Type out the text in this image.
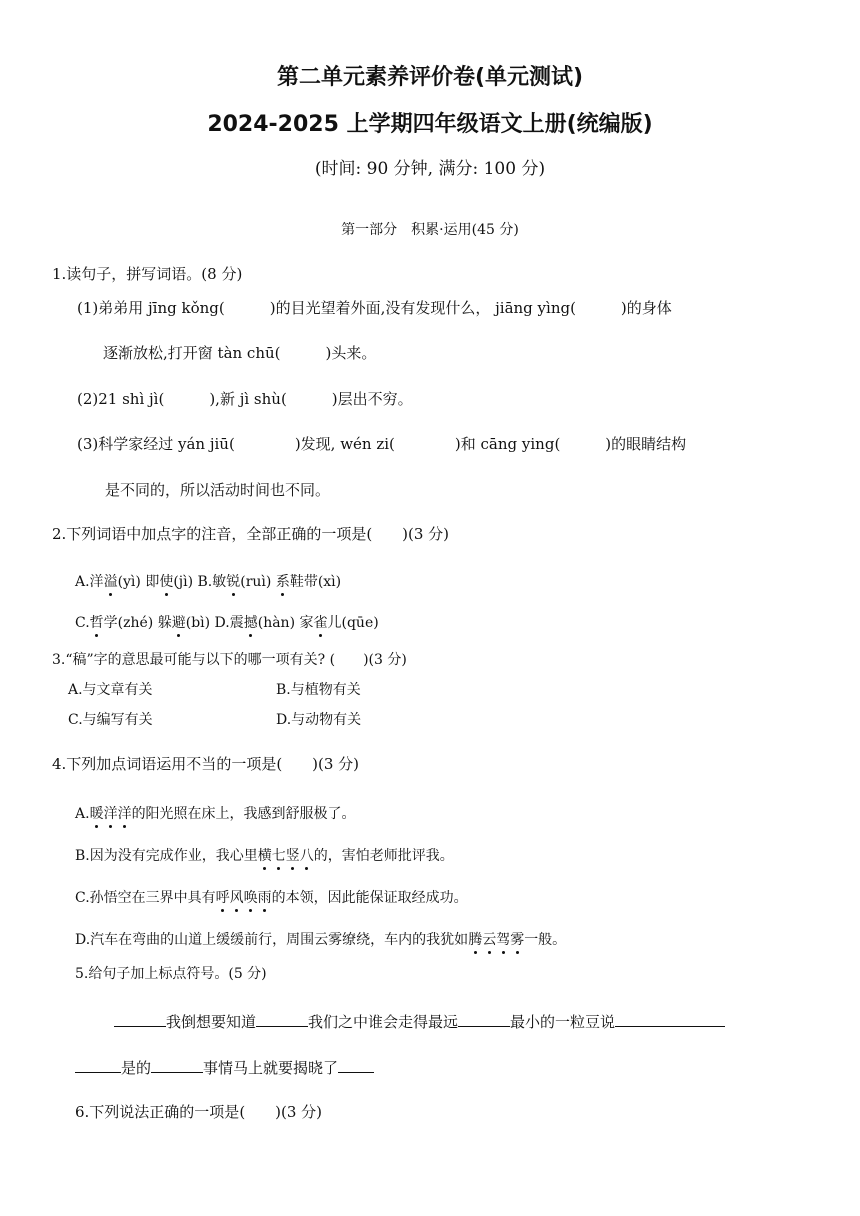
第二单元素养评价卷(单元测试)
2024-2025 上学期四年级语文上册(统编版)
(时间: 90 分钟, 满分: 100 分)
第一部分　积累·运用(45 分)
1.读句子，拼写词语。(8 分)
(1)弟弟用 jīng kǒng(　　　)的目光望着外面,没有发现什么， jiāng yìng(　　　)的身体
逐渐放松,打开窗 tàn chū(　　　)头来。
(2)21 shì jì(　　　),新 jì shù(　　　)层出不穷。
(3)科学家经过 yán jiū(　　　　)发现, wén zi(　　　　)和 cāng ying(　　　)的眼睛结构
是不同的，所以活动时间也不同。
2.下列词语中加点字的注音，全部正确的一项是(　　)(3 分)
A.洋溢(yì) 即使(jì) B.敏锐(ruì) 系鞋带(xì)
C.哲学(zhé) 躲避(bì) D.震撼(hàn) 家雀儿(qūe)
3.“稿”字的意思最可能与以下的哪一项有关? (　　)(3 分)
A.与文章有关	B.与植物有关
C.与编写有关	D.与动物有关
4.下列加点词语运用不当的一项是(　　)(3 分)
A.暖洋洋的阳光照在床上，我感到舒服极了。
B.因为没有完成作业，我心里横七竖八的，害怕老师批评我。
C.孙悟空在三界中具有呼风唤雨的本领，因此能保证取经成功。
D.汽车在弯曲的山道上缓缓前行，周围云雾缭绕，车内的我犹如腾云驾雾一般。
5.给句子加上标点符号。(5 分)
我倒想要知道	我们之中谁会走得最远	最小的一粒豆说
是的	事情马上就要揭晓了
6.下列说法正确的一项是(　　)(3 分)
